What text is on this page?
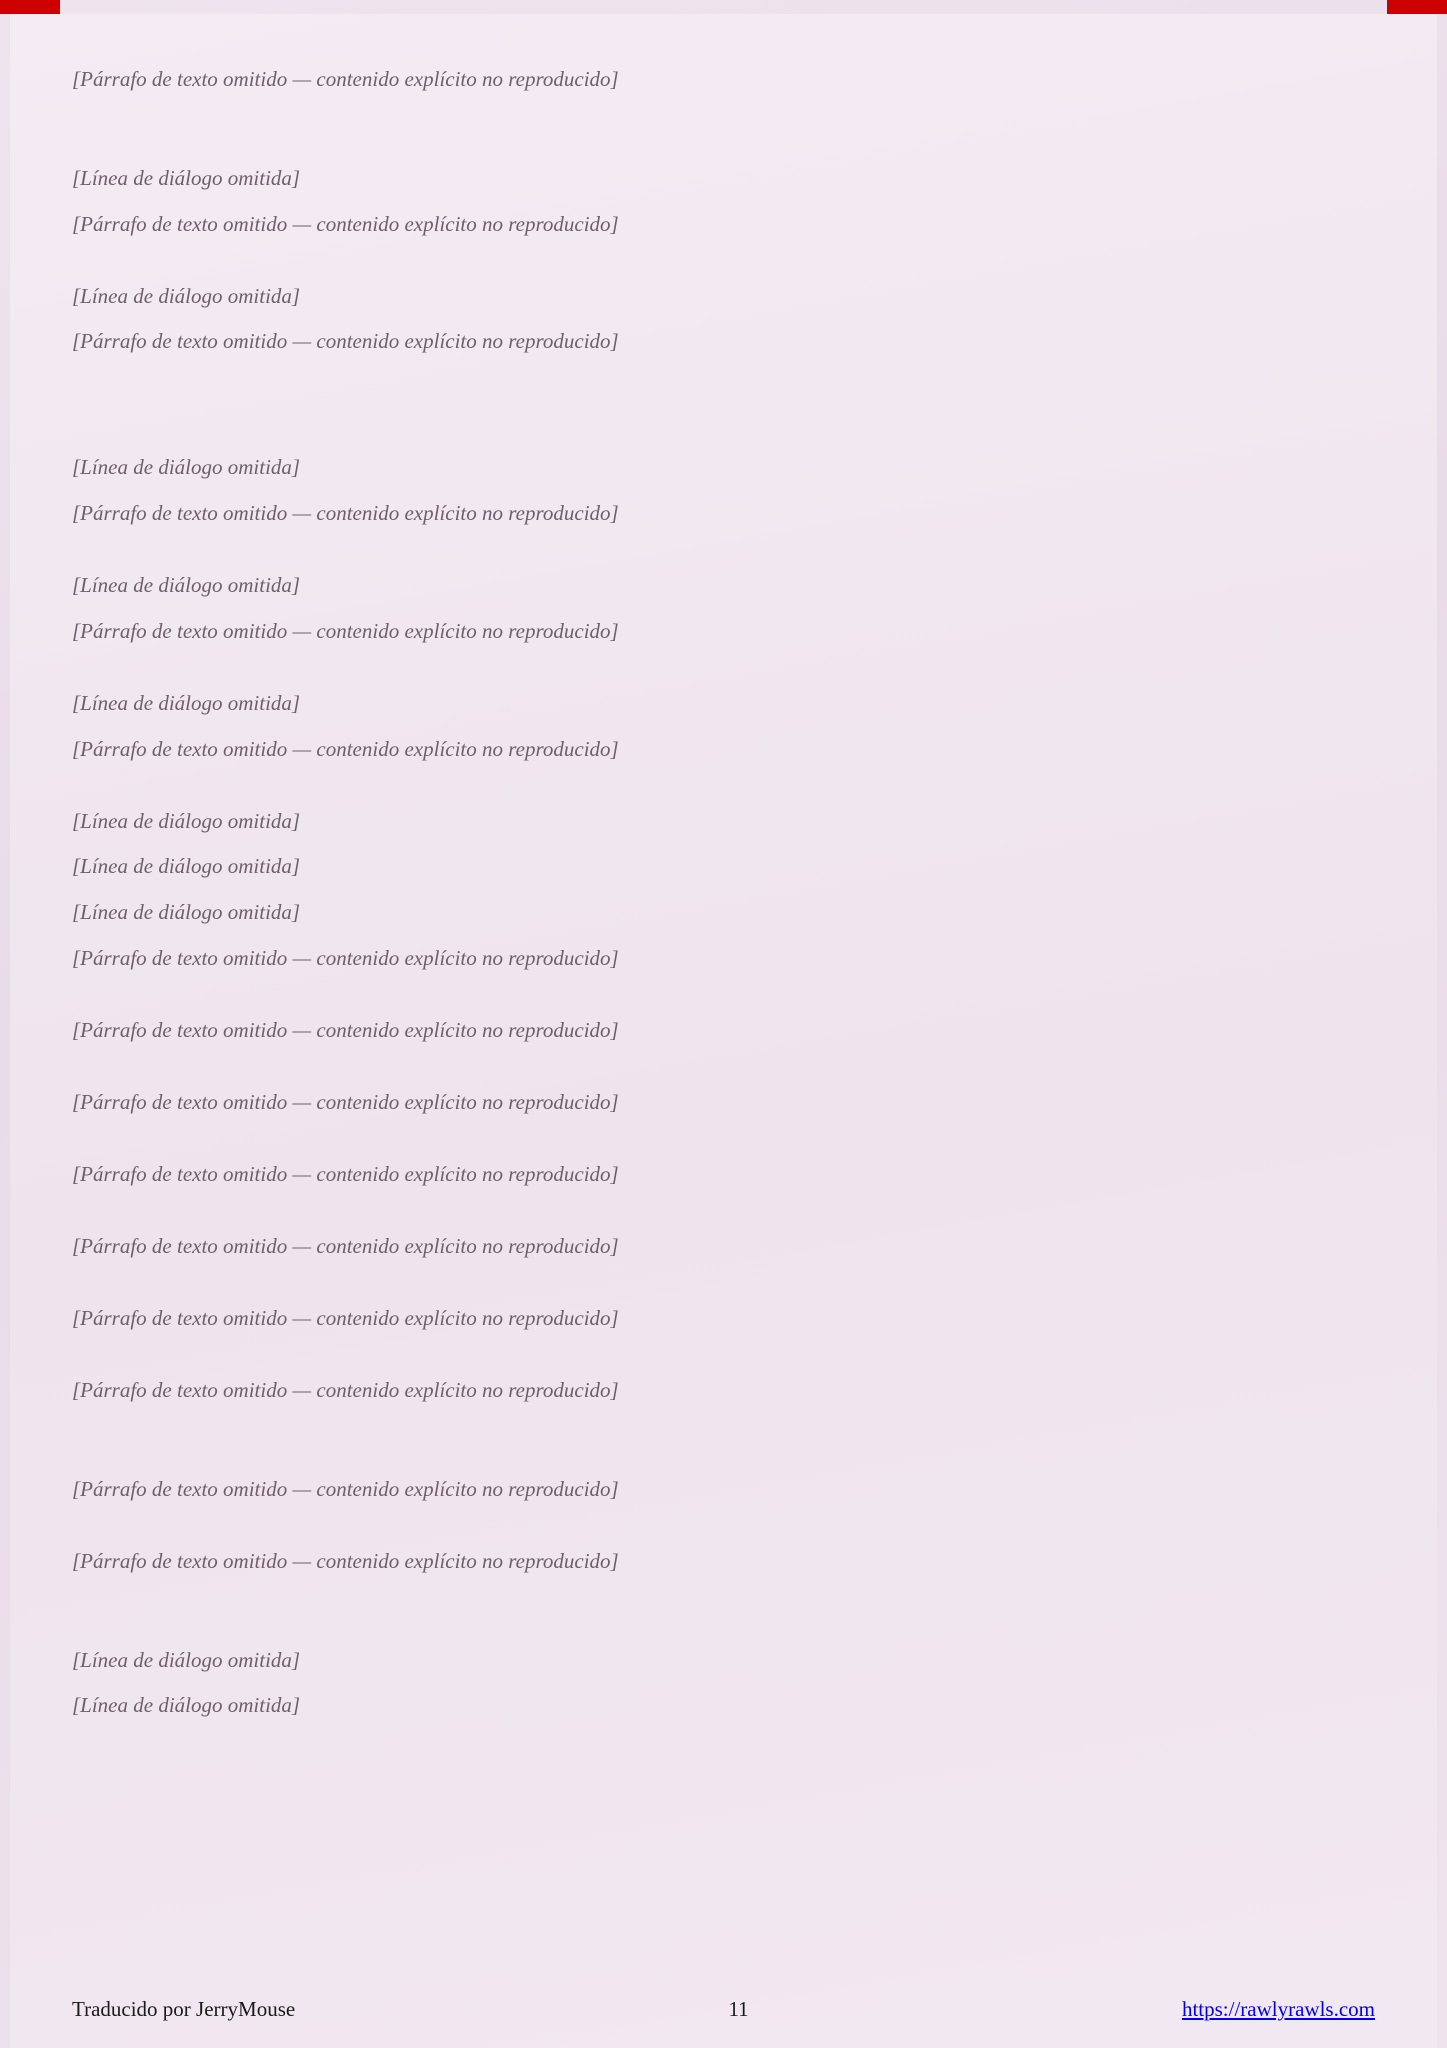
[Párrafo de texto omitido — contenido explícito no reproducido]

[Línea de diálogo omitida]

[Párrafo de texto omitido — contenido explícito no reproducido]

[Línea de diálogo omitida]

[Párrafo de texto omitido — contenido explícito no reproducido]

[Línea de diálogo omitida]

[Párrafo de texto omitido — contenido explícito no reproducido]

[Línea de diálogo omitida]

[Párrafo de texto omitido — contenido explícito no reproducido]

[Línea de diálogo omitida]

[Párrafo de texto omitido — contenido explícito no reproducido]

[Línea de diálogo omitida]

[Línea de diálogo omitida]

[Línea de diálogo omitida]

[Párrafo de texto omitido — contenido explícito no reproducido]

[Párrafo de texto omitido — contenido explícito no reproducido]

[Párrafo de texto omitido — contenido explícito no reproducido]

[Párrafo de texto omitido — contenido explícito no reproducido]

[Párrafo de texto omitido — contenido explícito no reproducido]

[Párrafo de texto omitido — contenido explícito no reproducido]

[Párrafo de texto omitido — contenido explícito no reproducido]

[Párrafo de texto omitido — contenido explícito no reproducido]

[Párrafo de texto omitido — contenido explícito no reproducido]

[Línea de diálogo omitida]

[Línea de diálogo omitida]

Traducido por JerryMouse	11	https://rawlyrawls.com
